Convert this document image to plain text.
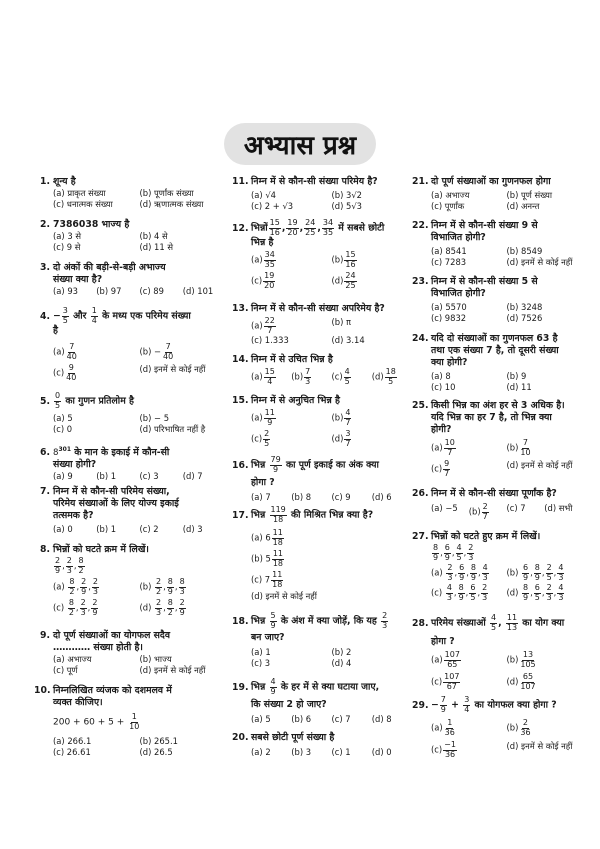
अभ्यास प्रश्न
1. शून्य है
(a) प्राकृत संख्या	(b) पूर्णांक संख्या
(c) धनात्मक संख्या	(d) ऋणात्मक संख्या
2. 7386038 भाज्य है
(a) 3 से	(b) 4 से
(c) 9 से	(d) 11 से
3. दो अंकों की बड़ी-से-बड़ी अभाज्य
संख्या क्या है?
(a) 93	(b) 97	(c) 89	(d) 101
4. − $\frac{3}{5}$ और $\frac{1}{4}$ के मध्य एक परिमेय संख्या
है
$(a) \frac{7}{40}$	$(b) - \frac{7}{40}$
$(c) \frac{9}{40}$	(d) इनमें से कोई नहीं
5. $\frac{0}{5}$ का गुणन प्रतिलोम है
(a) 5	(b) − 5
(c) 0	(d) परिभाषित नहीं है
6. $8^{301}$ के मान के इकाई में कौन-सी
संख्या होगी?
(a) 9	(b) 1	(c) 3	(d) 7
7. निम्न में से कौन-सी परिमेय संख्या,
परिमेय संख्याओं के लिए योज्य इकाई
तत्समक है?
(a) 0	(b) 1	(c) 2	(d) 3
8. भिन्नों को घटते क्रम में लिखें।
$\frac{2}{9}$ , $\frac{2}{3}$ , $\frac{8}{2}$
$(a) \frac{8}{2}$ , $\frac{2}{9}$ , $\frac{2}{3}$	$(b) \frac{2}{2}$ , $\frac{8}{9}$ , $\frac{8}{3}$
$(c) \frac{8}{2}$ , $\frac{2}{3}$ , $\frac{2}{9}$	$(d) \frac{2}{3}$ , $\frac{8}{2}$ , $\frac{2}{9}$
9. दो पूर्ण संख्याओं का योगफल सदैव
………… संख्या होती है।
(a) अभाज्य	(b) भाज्य
(c) पूर्ण	(d) इनमें से कोई नहीं
10. निम्नलिखित व्यंजक को दशमलव में
व्यक्त कीजिए।
$200 + 60 + 5 + \frac{1}{10}$
(a) 266.1	(b) 265.1
(c) 26.61	(d) 26.5
11. निम्न में से कौन-सी संख्या परिमेय है?
(a) √4	(b) 3√2
(c) 2 + √3	(d) 5√3
12. भिन्नों $\frac{15}{16}$ , $\frac{19}{20}$ , $\frac{24}{25}$ , $\frac{34}{35}$ में सबसे छोटी
भिन्न है
$(a) \frac{34}{35}$	$(b) \frac{15}{16}$
$(c) \frac{19}{20}$	$(d) \frac{24}{25}$
13. निम्न में से कौन-सी संख्या अपरिमेय है?
$(a) \frac{22}{7}$	(b) π
(c) 1.333	(d) 3.14
14. निम्न में से उचित भिन्न है
$(a) \frac{15}{4} (b) \frac{7}{3} (c) \frac{4}{5}$	$(d) \frac{18}{5}$
15. निम्न में से अनुचित भिन्न है
$(a) \frac{11}{9}$	$(b) \frac{4}{7}$
$(c) \frac{2}{5}$	$(d) \frac{3}{7}$
16. भिन्न $\frac{79}{9}$ का पूर्ण इकाई का अंक क्या
होगा ?
(a) 7	(b) 8	(c) 9	(d) 6
17. भिन्न $\frac{119}{18}$ की मिश्रित भिन्न क्या है?
(a) $6 \frac{11}{18}$
(b) $5 \frac{11}{18}$
(c) $7 \frac{11}{18}$
(d) इनमें से कोई नहीं
18. भिन्न $\frac{5}{9}$ के अंश में क्या जोड़ें, कि यह $\frac{2}{3}$
बन जाए?
(a) 1	(b) 2
(c) 3	(d) 4
19. भिन्न $\frac{4}{9}$ के हर में से क्या घटाया जाए,
कि संख्या 2 हो जाए?
(a) 5	(b) 6	(c) 7	(d) 8
20. सबसे छोटी पूर्ण संख्या है
(a) 2	(b) 3	(c) 1	(d) 0
21. दो पूर्ण संख्याओं का गुणनफल होगा
(a) अभाज्य	(b) पूर्ण संख्या
(c) पूर्णांक	(d) अनन्त
22. निम्न में से कौन-सी संख्या 9 से
विभाजित होगी?
(a) 8541	(b) 8549
(c) 7283	(d) इनमें से कोई नहीं
23. निम्न में से कौन-सी संख्या 5 से
विभाजित होगी?
(a) 5570	(b) 3248
(c) 9832	(d) 7526
24. यदि दो संख्याओं का गुणनफल 63 है
तथा एक संख्या 7 है, तो दूसरी संख्या
क्या होगी?
(a) 8	(b) 9
(c) 10	(d) 11
25. किसी भिन्न का अंश हर से 3 अधिक है।
यदि भिन्न का हर 7 है, तो भिन्न क्या
होगी?
$(a) \frac{10}{7}$	$(b) \frac{7}{10}$
$(c) \frac{9}{7}$	(d) इनमें से कोई नहीं
26. निम्न में से कौन-सी संख्या पूर्णांक है?
(a) −5	$(b) \frac{2}{7} (c)$ 7	(d) सभी
27. भिन्नों को घटते हुए क्रम में लिखें।
$\frac{8}{9}$ , $\frac{6}{9}$ , $\frac{4}{5}$ , $\frac{2}{3}$
$(a) \frac{2}{3}$ , $\frac{6}{9}$ , $\frac{8}{9}$ , $\frac{4}{3} (b) \frac{6}{9}$ , $\frac{8}{9}$ , $\frac{2}{5}$ , $\frac{4}{3}$
$(c) \frac{4}{3}$ , $\frac{8}{9}$ , $\frac{6}{5}$ , $\frac{2}{3} (d) \frac{8}{9}$ , $\frac{6}{5}$ , $\frac{2}{3}$ , $\frac{4}{3}$
28. परिमेय संख्याओं $\frac{4}{5}$ , $\frac{11}{13}$ का योग क्या
होगा ?
$(a) \frac{107}{65}$	$(b) \frac{13}{105}$
$(c) \frac{107}{67}$	$(d) \frac{65}{107}$
29. − $\frac{7}{9} + \frac{3}{4}$ का योगफल क्या होगा ?
$(a) \frac{1}{36}$	$(b) \frac{2}{36}$
$(c) \frac{-1}{36}$	(d) इनमें से कोई नहीं
